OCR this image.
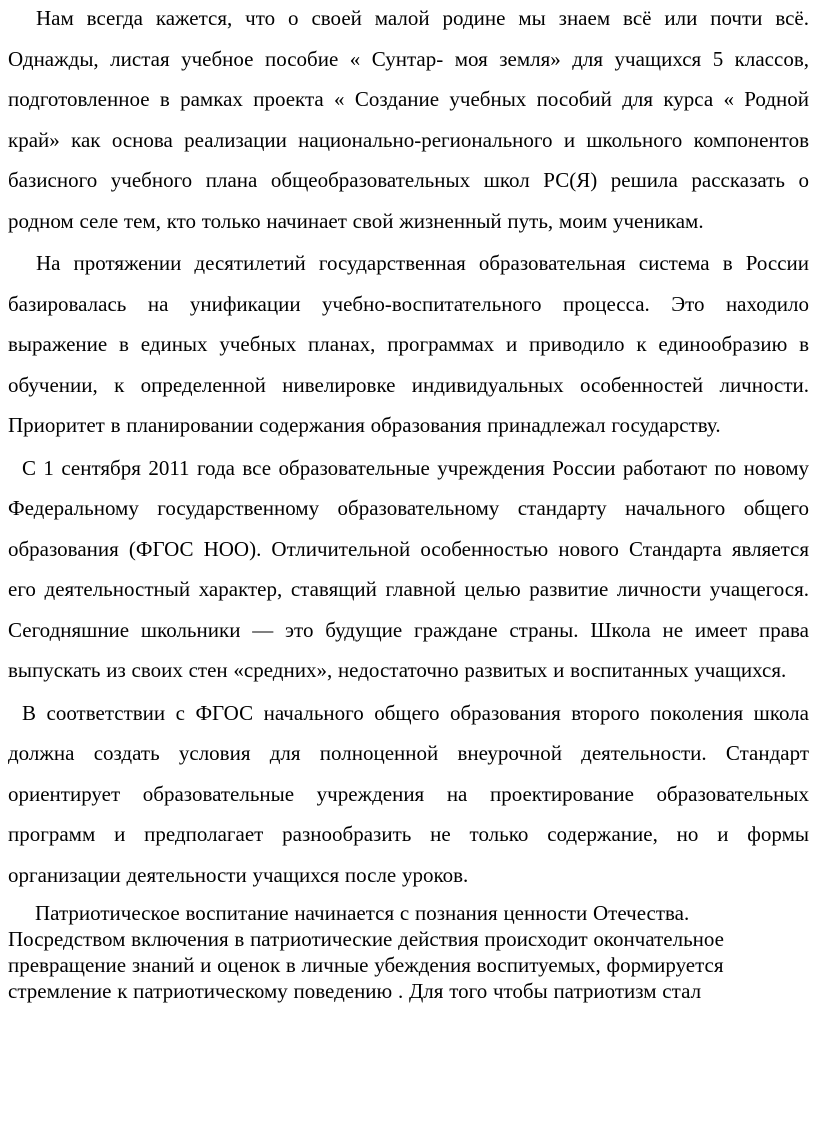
Нам всегда кажется, что о своей малой родине мы знаем всё или почти всё. Однажды, листая учебное пособие « Сунтар- моя земля» для учащихся 5 классов, подготовленное в рамках проекта « Создание учебных пособий для курса « Родной край» как основа реализации национально-регионального и школьного компонентов базисного учебного плана общеобразовательных школ РС(Я) решила рассказать о родном селе тем, кто только начинает свой жизненный путь, моим ученикам.

На протяжении десятилетий государственная образовательная система в России базировалась на унификации учебно-воспитательного процесса. Это находило выражение в единых учебных планах, программах и приводило к единообразию в обучении, к определенной нивелировке индивидуальных особенностей личности. Приоритет в планировании содержания образования принадлежал государству.

С 1 сентября 2011 года все образовательные учреждения России работают по новому Федеральному государственному образовательному стандарту начального общего образования (ФГОС НОО). Отличительной особенностью нового Стандарта является его деятельностный характер, ставящий главной целью развитие личности учащегося. Сегодняшние школьники — это будущие граждане страны. Школа не имеет права выпускать из своих стен «средних», недостаточно развитых и воспитанных учащихся.

В соответствии с ФГОС начального общего образования второго поколения школа должна создать условия для полноценной внеурочной деятельности. Стандарт ориентирует образовательные учреждения на проектирование образовательных программ и предполагает разнообразить не только содержание, но и формы организации деятельности учащихся после уроков.

Патриотическое воспитание начинается с познания ценности Отечества. Посредством включения в патриотические действия происходит окончательное превращение знаний и оценок в личные убеждения воспитуемых, формируется стремление к патриотическому поведению . Для того чтобы патриотизм стал
